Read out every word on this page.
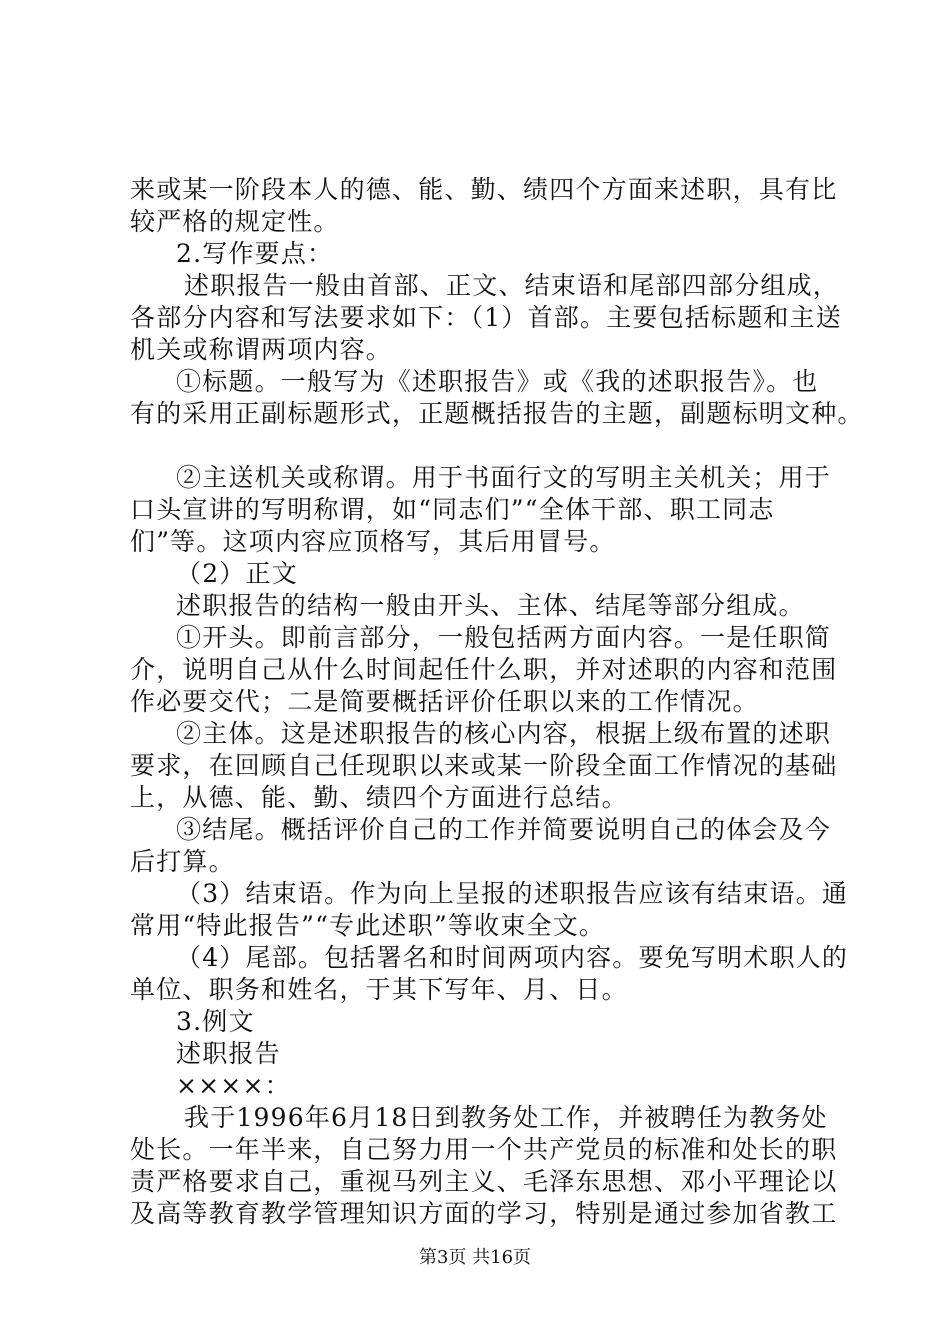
来或某一阶段本人的德、能、勤、绩四个方面来述职，具有比
较严格的规定性。
2.写作要点：
述职报告一般由首部、正文、结束语和尾部四部分组成，
各部分内容和写法要求如下：（1）首部。主要包括标题和主送
机关或称谓两项内容。
①标题。一般写为《述职报告》或《我的述职报告》。也
有的采用正副标题形式，正题概括报告的主题，副题标明文种。
②主送机关或称谓。用于书面行文的写明主关机关；用于
口头宣讲的写明称谓，如“同志们”“全体干部、职工同志
们”等。这项内容应顶格写，其后用冒号。
（2）正文
述职报告的结构一般由开头、主体、结尾等部分组成。
①开头。即前言部分，一般包括两方面内容。一是任职简
介，说明自己从什么时间起任什么职，并对述职的内容和范围
作必要交代；二是简要概括评价任职以来的工作情况。
②主体。这是述职报告的核心内容，根据上级布置的述职
要求，在回顾自己任现职以来或某一阶段全面工作情况的基础
上，从德、能、勤、绩四个方面进行总结。
③结尾。概括评价自己的工作并简要说明自己的体会及今
后打算。
（3）结束语。作为向上呈报的述职报告应该有结束语。通
常用“特此报告”“专此述职”等收束全文。
（4）尾部。包括署名和时间两项内容。要免写明术职人的
单位、职务和姓名，于其下写年、月、日。
3.例文
述职报告
××××：
我于1996年6月18日到教务处工作，并被聘任为教务处
处长。一年半来，自己努力用一个共产党员的标准和处长的职
责严格要求自己，重视马列主义、毛泽东思想、邓小平理论以
及高等教育教学管理知识方面的学习，特别是通过参加省教工
第3页 共16页
